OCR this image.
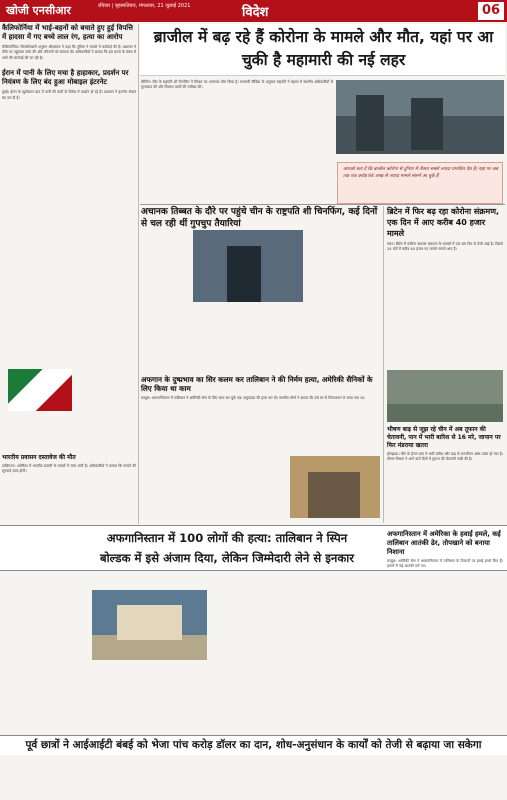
खोजी एनसीआर	रविवार | बृहस्पतिवार, मंगलवार, 21 जुलाई 2021	विदेश	06
कैलिफोर्निया में भाई-बहनों को बचाते हुए हुई विपत्ति में हादसा में गए बच्चे लाल रंग, हत्या का आरोप
कैलिफोर्निया। जिलाधिकारी अनुराग श्रीवास्तव ने कहा कि पुलिस ने मामले में कार्रवाई की है। प्रशासन ने मौके पर पहुंचकर जांच की और परिजनों को सांत्वना दी। अधिकारियों ने बताया कि इस घटना के संबंध में आगे की कार्रवाई की जा रही है।
ईरान में पानी के लिए मचा है हाहाकार, प्रदर्शन पर नियंत्रण के लिए बंद हुआ मोबाइल इंटरनेट
दुबई। ईरान के खुजेस्तान प्रांत में पानी की कमी के विरोध में प्रदर्शन हो रहे हैं। प्रशासन ने इंटरनेट सेवाएं बंद कर दी हैं।
भारतीय प्रवासन दस्तावेज की मौत
वाशिंगटन। अमेरिका में भारतीय प्रवासी के मामले में जांच जारी है। अधिकारियों ने बताया कि मामले की सुनवाई जल्द होगी।
ब्राजील में बढ़ रहे हैं कोरोना के मामले और मौत, यहां पर आ चुकी है महामारी की नई लहर
आपको बता दें कि ब्राजील कोरोना से दुनिया में तीसरा सबसे ज्यादा प्रभावित देश है। यहां पर अब तक एक करोड़ 94 लाख से ज्यादा मामले सामने आ चुके हैं
बीजिंग। चीन के राष्ट्रपति शी चिनफिंग ने तिब्बत का अचानक दौरा किया है। सरकारी मीडिया के अनुसार राष्ट्रपति ने ल्हासा में स्थानीय अधिकारियों से मुलाकात की और विकास कार्यों की समीक्षा की।
अचानक तिब्बत के दौरे पर पहुंचे चीन के राष्ट्रपति शी चिनफिंग, कई दिनों से चल रही थीं गुपचुप तैयारियां
ब्रिटेन में फिर बढ़ रहा कोरोना संक्रमण, एक दिन में आए करीब 40 हजार मामले
लंदन। ब्रिटेन में कोरोना वायरस संक्रमण के मामलों में एक बार फिर से तेजी आई है। पिछले 24 घंटों में करीब 40 हजार नए मामले सामने आए हैं।
भीषण बाढ़ से जूझ रहे चीन में अब तूफान की चेतावनी, पान में भारी बारिश से 16 मरे, जापान पर फिर मंडराया खतरा
झेंगझाऊ। चीन के हेनान प्रांत में भारी बारिश और बाढ़ से जनजीवन अस्त-व्यस्त हो गया है। मौसम विभाग ने आने वाले दिनों में तूफान की चेतावनी जारी की है।
अफगान के दुष्प्रभाव का सिर कलम कर तालिबान ने की निर्मम हत्या, अमेरिकी सैनिकों के लिए किया था काम
काबुल। अफगानिस्तान में तालिबान ने अमेरिकी सेना के लिए काम कर चुके एक अनुवादक की हत्या कर दी। स्थानीय लोगों ने बताया कि उसे घर से निकालकर ले जाया गया था।
अफगानिस्तान में 100 लोगों की हत्या: तालिबान ने स्पिन बोल्डक में इसे अंजाम दिया, लेकिन जिम्मेदारी लेने से इनकार
अफगानिस्तान में अमेरिका के हवाई हमले, कई तालिबान आतंकी ढेर, तोपखाने को बनाया निशाना
काबुल। अमेरिकी सेना ने अफगानिस्तान में तालिबान के ठिकानों पर हवाई हमले किए हैं। हमलों में कई आतंकी मारे गए।
पूर्व छात्रों ने आईआईटी बंबई को भेजा पांच करोड़ डॉलर का दान, शोध-अनुसंधान के कार्यों को तेजी से बढ़ाया जा सकेगा
